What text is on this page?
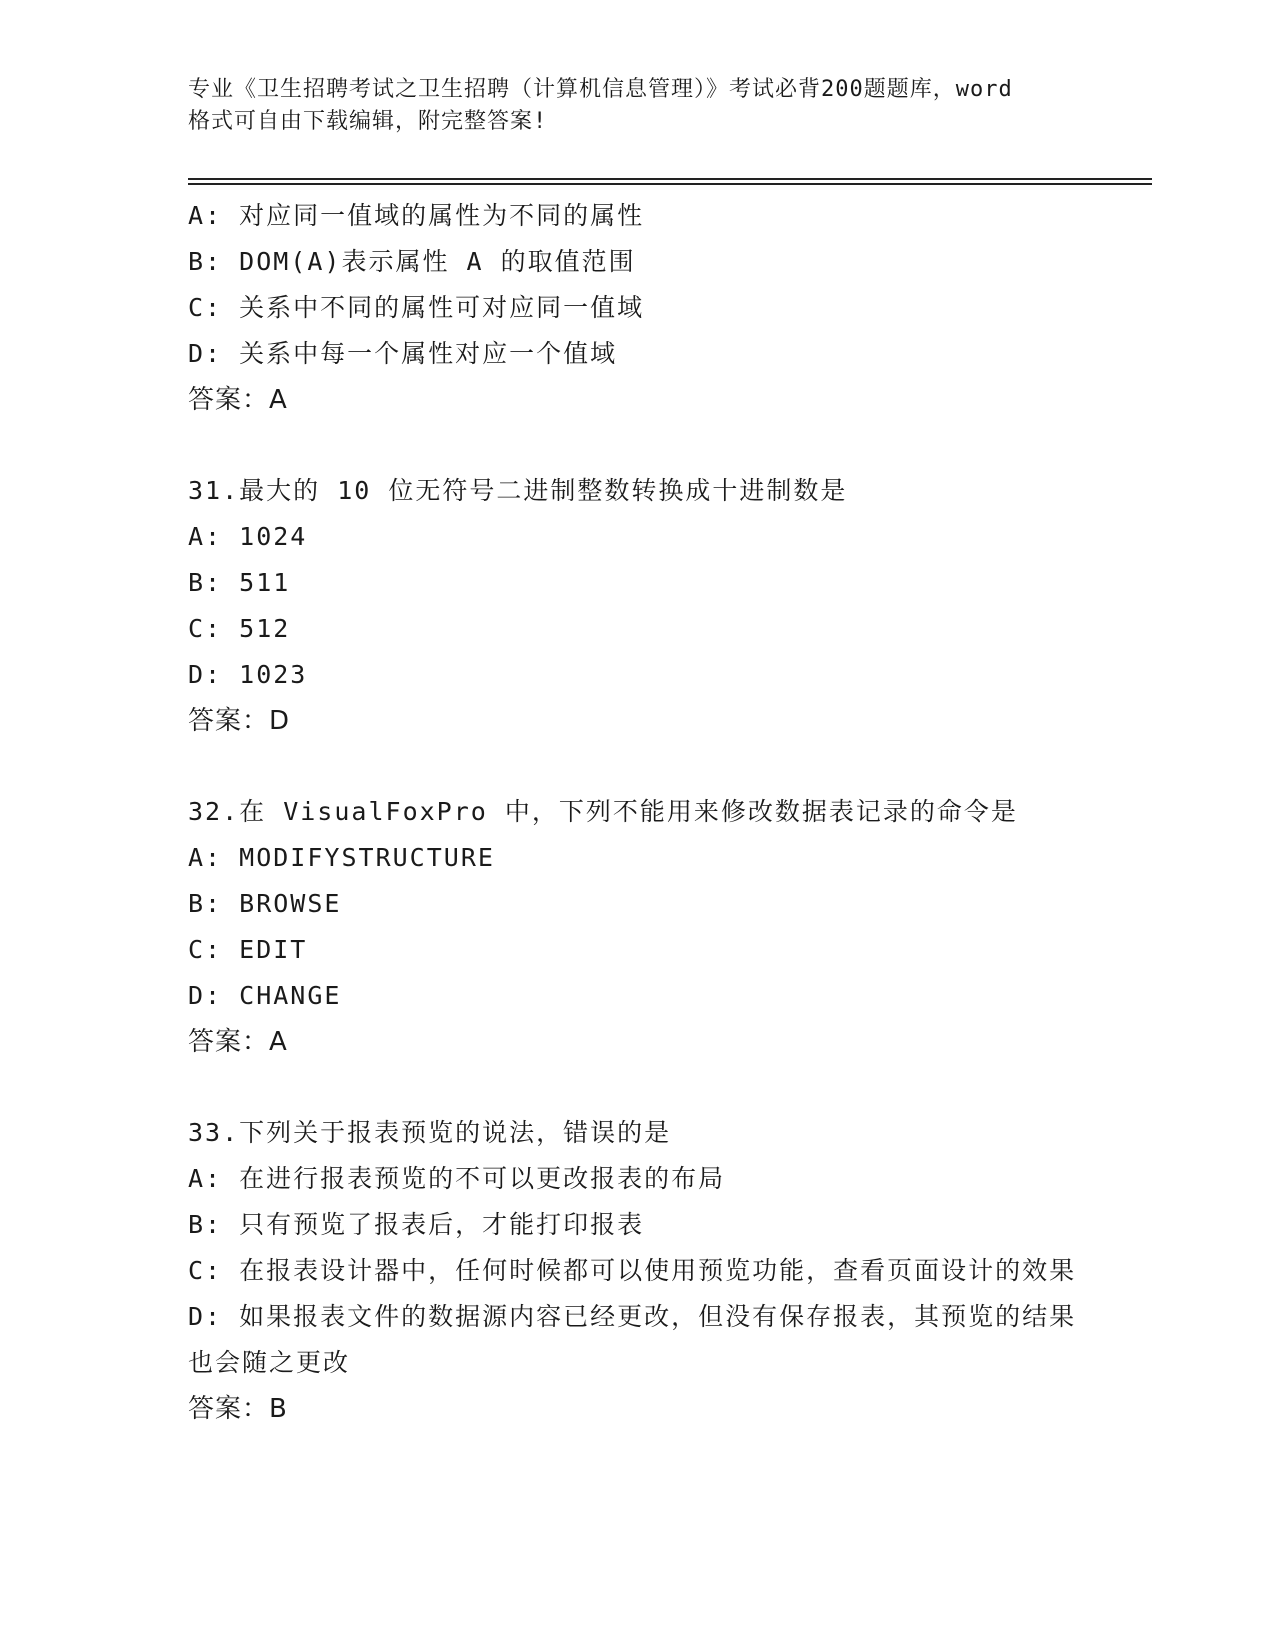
专业《卫生招聘考试之卫生招聘（计算机信息管理）》考试必背200题题库，word
格式可自由下载编辑，附完整答案!
A: 对应同一值域的属性为不同的属性
B: DOM(A)表示属性 A 的取值范围
C: 关系中不同的属性可对应同一值域
D: 关系中每一个属性对应一个值域
答案：A
31.最大的 10 位无符号二进制整数转换成十进制数是
A: 1024
B: 511
C: 512
D: 1023
答案：D
32.在 VisualFoxPro 中，下列不能用来修改数据表记录的命令是
A: MODIFYSTRUCTURE
B: BROWSE
C: EDIT
D: CHANGE
答案：A
33.下列关于报表预览的说法，错误的是
A: 在进行报表预览的不可以更改报表的布局
B: 只有预览了报表后，才能打印报表
C: 在报表设计器中，任何时候都可以使用预览功能，查看页面设计的效果
D: 如果报表文件的数据源内容已经更改，但没有保存报表，其预览的结果也会随之更改
答案：B
